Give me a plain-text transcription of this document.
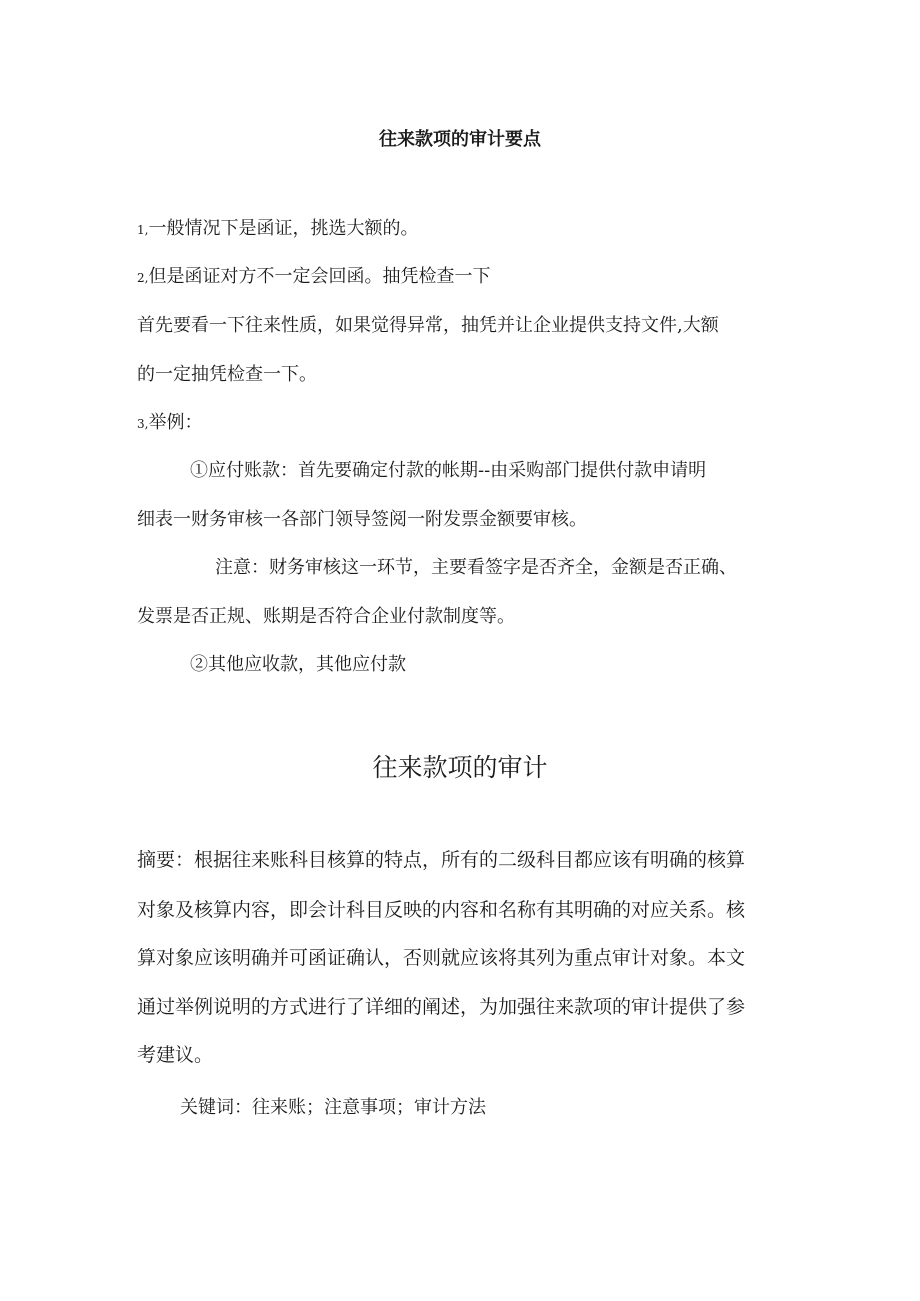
往来款项的审计要点
1,一般情况下是函证，挑选大额的。
2,但是函证对方不一定会回函。抽凭检查一下
首先要看一下往来性质，如果觉得异常，抽凭并让企业提供支持文件,大额
的一定抽凭检查一下。
3,举例：
①应付账款：首先要确定付款的帐期--由采购部门提供付款申请明
细表一财务审核一各部门领导签阅一附发票金额要审核。
注意：财务审核这一环节，主要看签字是否齐全，金额是否正确、
发票是否正规、账期是否符合企业付款制度等。
②其他应收款，其他应付款
往来款项的审计
摘要：根据往来账科目核算的特点，所有的二级科目都应该有明确的核算
对象及核算内容，即会计科目反映的内容和名称有其明确的对应关系。核
算对象应该明确并可函证确认，否则就应该将其列为重点审计对象。本文
通过举例说明的方式进行了详细的阐述，为加强往来款项的审计提供了参
考建议。
关键词：往来账；注意事项；审计方法
